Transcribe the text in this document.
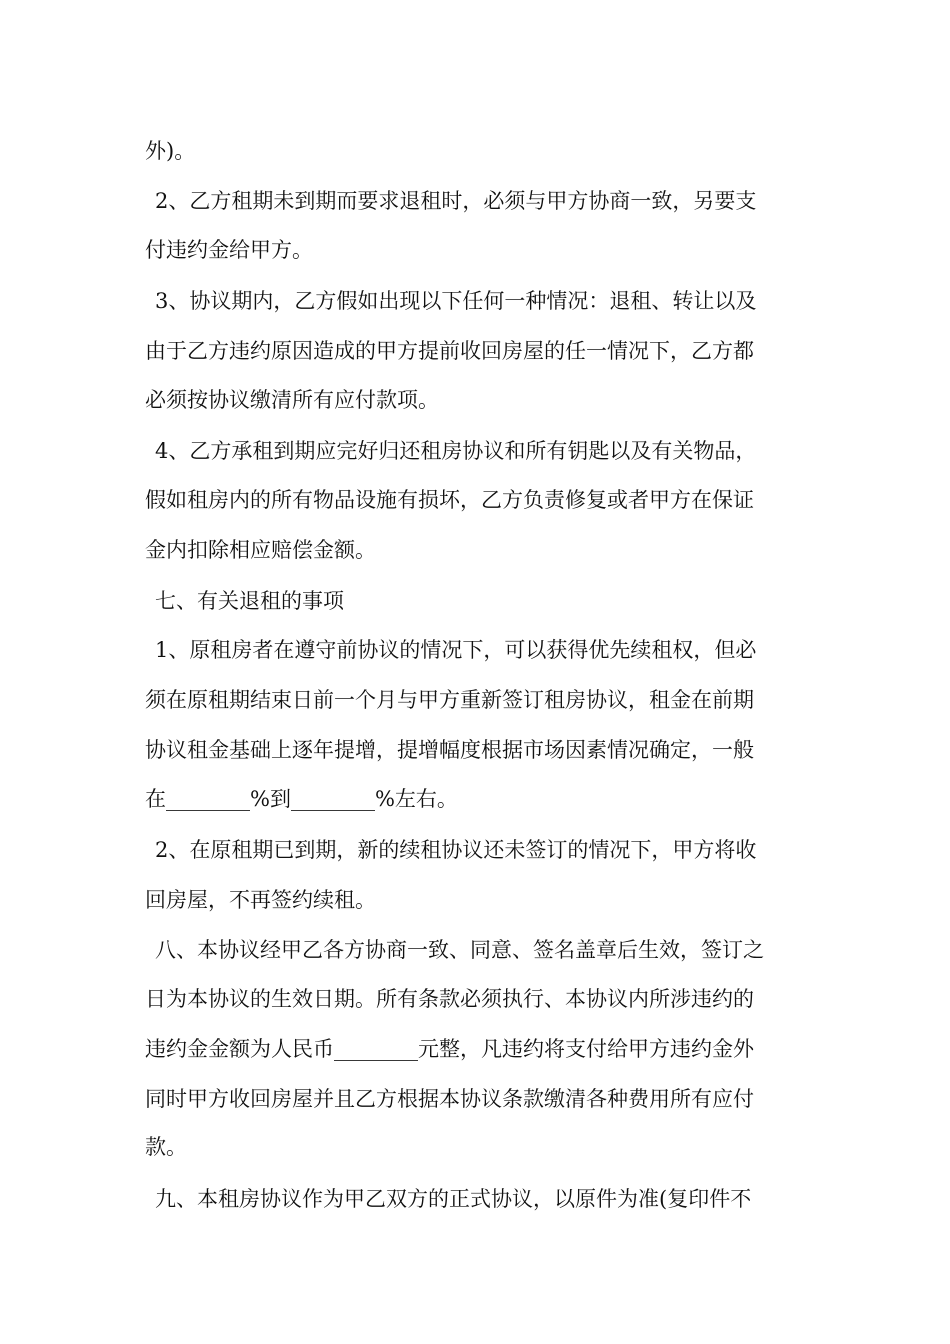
外)。
2、乙方租期未到期而要求退租时，必须与甲方协商一致，另要支
付违约金给甲方。
3、协议期内，乙方假如出现以下任何一种情况：退租、转让以及
由于乙方违约原因造成的甲方提前收回房屋的任一情况下，乙方都
必须按协议缴清所有应付款项。
4、乙方承租到期应完好归还租房协议和所有钥匙以及有关物品，
假如租房内的所有物品设施有损坏，乙方负责修复或者甲方在保证
金内扣除相应赔偿金额。
七、有关退租的事项
1、原租房者在遵守前协议的情况下，可以获得优先续租权，但必
须在原租期结束日前一个月与甲方重新签订租房协议，租金在前期
协议租金基础上逐年提增，提增幅度根据市场因素情况确定，一般
在________%到________%左右。
2、在原租期已到期，新的续租协议还未签订的情况下，甲方将收
回房屋，不再签约续租。
八、本协议经甲乙各方协商一致、同意、签名盖章后生效，签订之
日为本协议的生效日期。所有条款必须执行、本协议内所涉违约的
违约金金额为人民币________元整，凡违约将支付给甲方违约金外
同时甲方收回房屋并且乙方根据本协议条款缴清各种费用所有应付
款。
九、本租房协议作为甲乙双方的正式协议，以原件为准(复印件不
